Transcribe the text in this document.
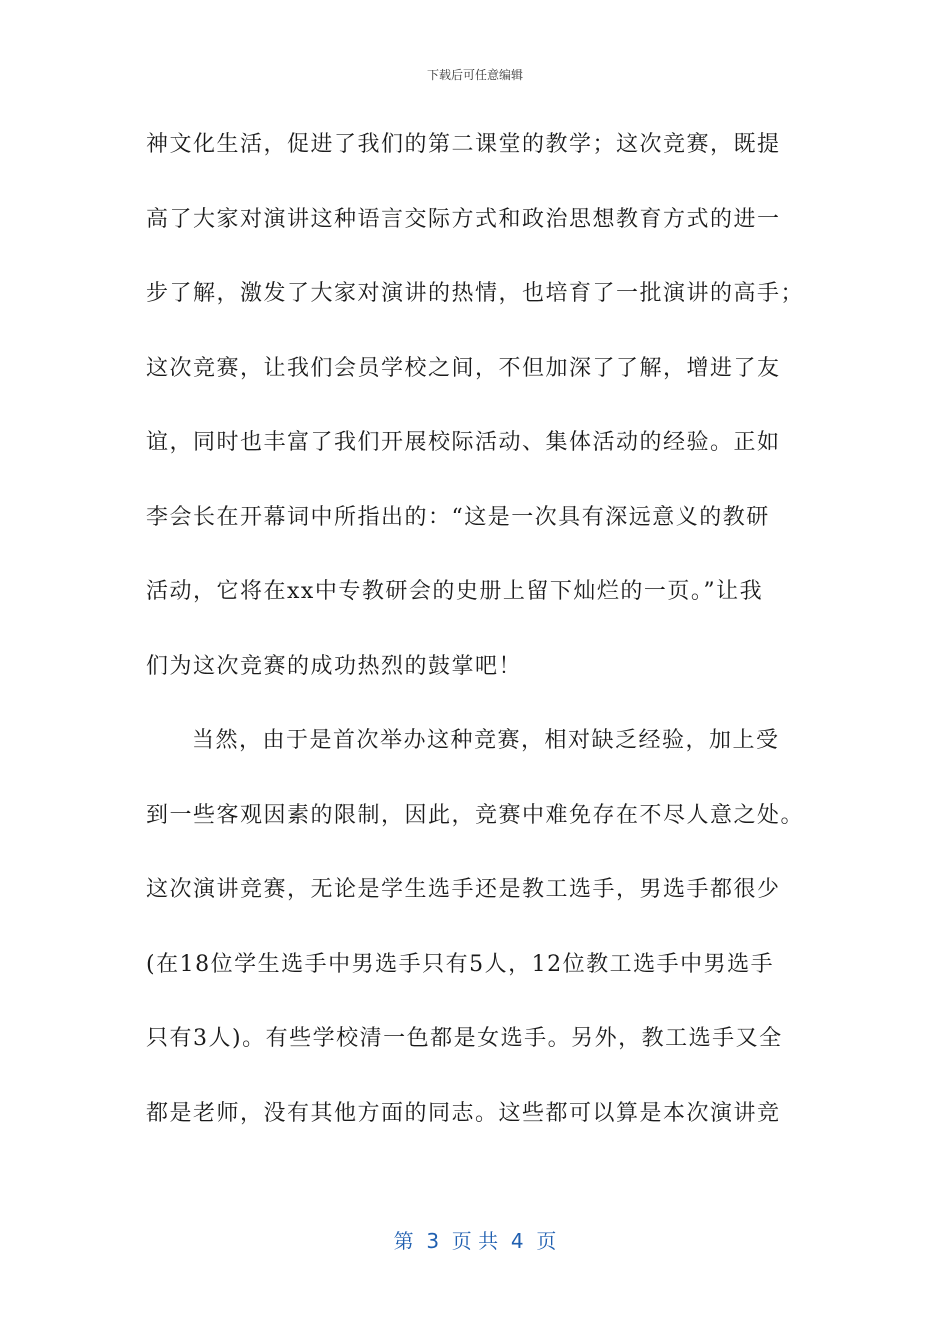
下载后可任意编辑
神文化生活，促进了我们的第二课堂的教学；这次竞赛，既提
高了大家对演讲这种语言交际方式和政治思想教育方式的进一
步了解，激发了大家对演讲的热情，也培育了一批演讲的高手；
这次竞赛，让我们会员学校之间，不但加深了了解，增进了友
谊，同时也丰富了我们开展校际活动、集体活动的经验。正如
李会长在开幕词中所指出的：“这是一次具有深远意义的教研
活动，它将在xx中专教研会的史册上留下灿烂的一页。”让我
们为这次竞赛的成功热烈的鼓掌吧！
当然，由于是首次举办这种竞赛，相对缺乏经验，加上受
到一些客观因素的限制，因此，竞赛中难免存在不尽人意之处。
这次演讲竞赛，无论是学生选手还是教工选手，男选手都很少
(在18位学生选手中男选手只有5人，12位教工选手中男选手
只有3人)。有些学校清一色都是女选手。另外，教工选手又全
都是老师，没有其他方面的同志。这些都可以算是本次演讲竞
第  3  页 共  4  页
